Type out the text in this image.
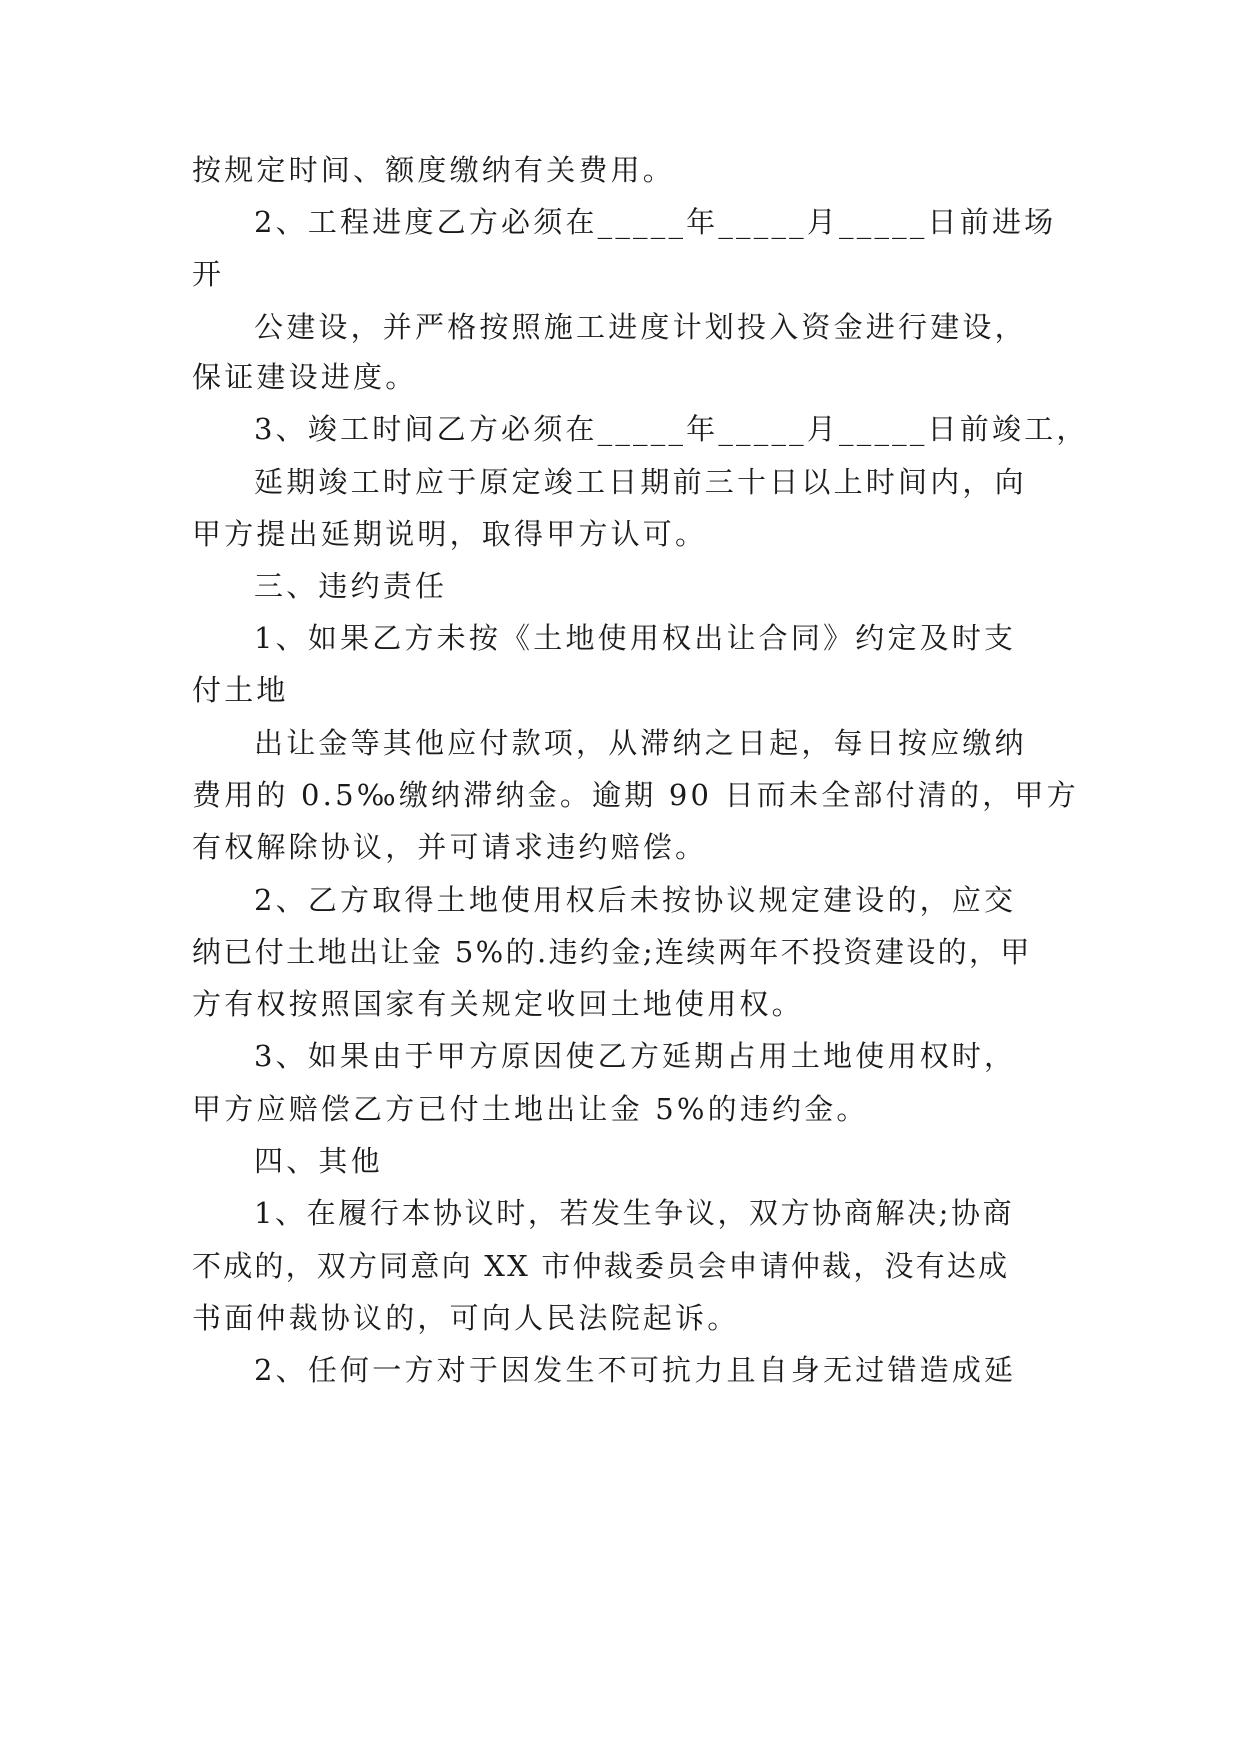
按规定时间、额度缴纳有关费用。
2、工程进度乙方必须在_____年_____月_____日前进场
开
公建设，并严格按照施工进度计划投入资金进行建设，
保证建设进度。
3、竣工时间乙方必须在_____年_____月_____日前竣工，
延期竣工时应于原定竣工日期前三十日以上时间内，向
甲方提出延期说明，取得甲方认可。
三、违约责任
1、如果乙方未按《土地使用权出让合同》约定及时支
付土地
出让金等其他应付款项，从滞纳之日起，每日按应缴纳
费用的 0.5‰缴纳滞纳金。逾期 90 日而未全部付清的，甲方
有权解除协议，并可请求违约赔偿。
2、乙方取得土地使用权后未按协议规定建设的，应交
纳已付土地出让金 5%的.违约金;连续两年不投资建设的，甲
方有权按照国家有关规定收回土地使用权。
3、如果由于甲方原因使乙方延期占用土地使用权时，
甲方应赔偿乙方已付土地出让金 5%的违约金。
四、其他
1、在履行本协议时，若发生争议，双方协商解决;协商
不成的，双方同意向 XX 市仲裁委员会申请仲裁，没有达成
书面仲裁协议的，可向人民法院起诉。
2、任何一方对于因发生不可抗力且自身无过错造成延
